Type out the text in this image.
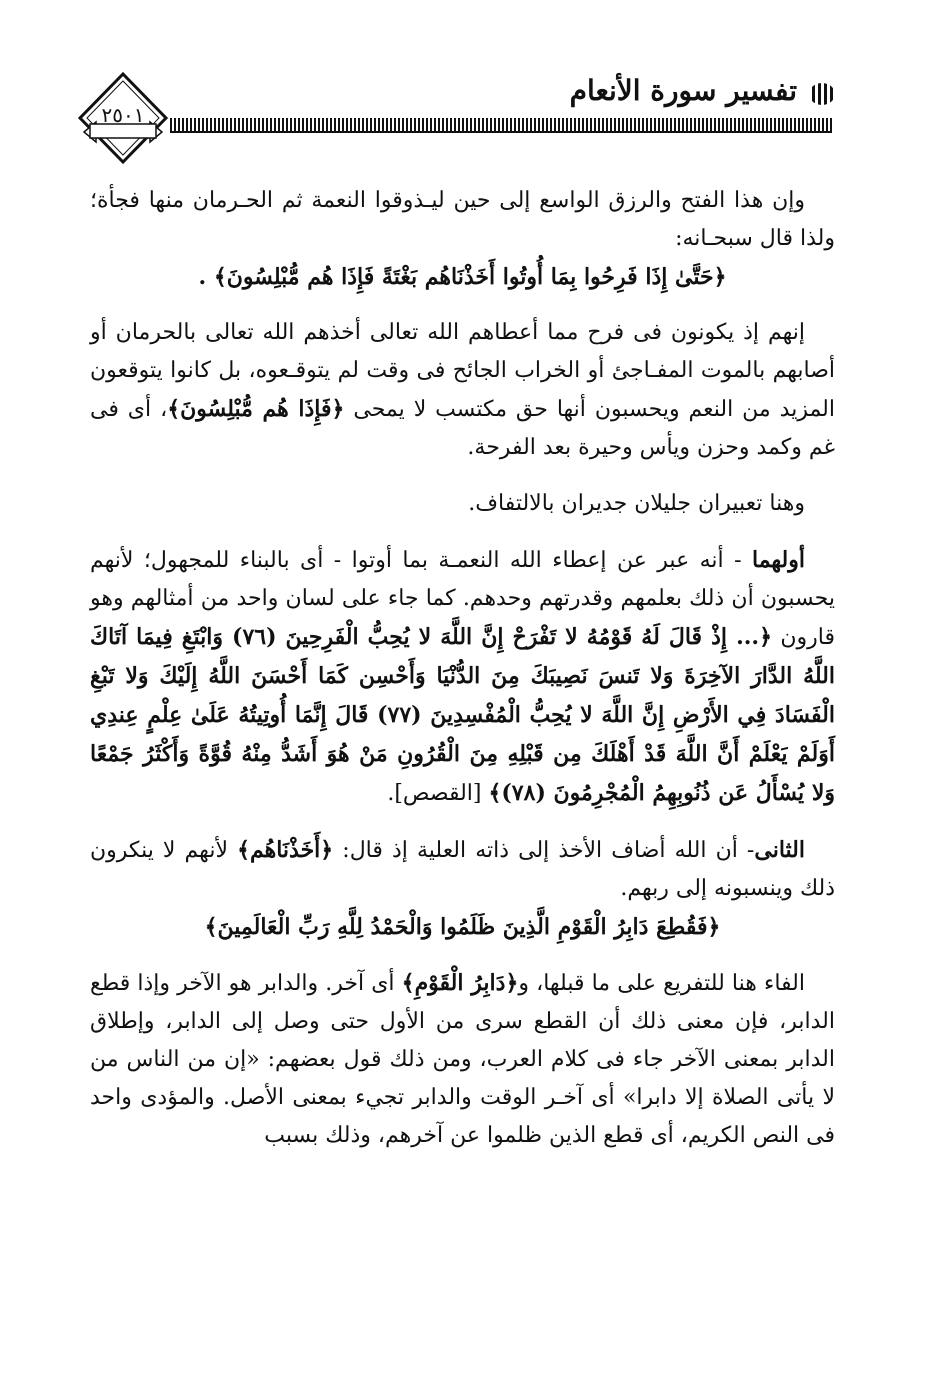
٢٥٠١
تفسير سورة الأنعام

وإن هذا الفتح والرزق الواسع إلى حين ليـذوقوا النعمة ثم الحـرمان منها فجأة؛ ولذا قال سبحـانه:

﴿حَتَّىٰ إِذَا فَرِحُوا بِمَا أُوتُوا أَخَذْنَاهُم بَغْتَةً فَإِذَا هُم مُّبْلِسُونَ﴾ .

إنهم إذ يكونون فى فرح مما أعطاهم الله تعالى أخذهم الله تعالى بالحرمان أو أصابهم بالموت المفـاجئ أو الخراب الجائح فى وقت لم يتوقـعوه، بل كانوا يتوقعون المزيد من النعم ويحسبون أنها حق مكتسب لا يمحى ﴿فَإِذَا هُم مُّبْلِسُونَ﴾، أى فى غم وكمد وحزن ويأس وحيرة بعد الفرحة.

وهنا تعبيران جليلان جديران بالالتفاف.

أولهما - أنه عبر عن إعطاء الله النعمـة بما أوتوا - أى بالبناء للمجهول؛ لأنهم يحسبون أن ذلك بعلمهم وقدرتهم وحدهم. كما جاء على لسان واحد من أمثالهم وهو قارون ﴿... إِذْ قَالَ لَهُ قَوْمُهُ لا تَفْرَحْ إِنَّ اللَّهَ لا يُحِبُّ الْفَرِحِينَ (٧٦) وَابْتَغِ فِيمَا آتَاكَ اللَّهُ الدَّارَ الآخِرَةَ وَلا تَنسَ نَصِيبَكَ مِنَ الدُّنْيَا وَأَحْسِن كَمَا أَحْسَنَ اللَّهُ إِلَيْكَ وَلا تَبْغِ الْفَسَادَ فِي الأَرْضِ إِنَّ اللَّهَ لا يُحِبُّ الْمُفْسِدِينَ (٧٧) قَالَ إِنَّمَا أُوتِيتُهُ عَلَىٰ عِلْمٍ عِندِي أَوَلَمْ يَعْلَمْ أَنَّ اللَّهَ قَدْ أَهْلَكَ مِن قَبْلِهِ مِنَ الْقُرُونِ مَنْ هُوَ أَشَدُّ مِنْهُ قُوَّةً وَأَكْثَرُ جَمْعًا وَلا يُسْأَلُ عَن ذُنُوبِهِمُ الْمُجْرِمُونَ (٧٨)﴾ [القصص].

الثانى- أن الله أضاف الأخذ إلى ذاته العلية إذ قال: ﴿أَخَذْنَاهُم﴾ لأنهم لا ينكرون ذلك وينسبونه إلى ربهم.

﴿فَقُطِعَ دَابِرُ الْقَوْمِ الَّذِينَ ظَلَمُوا وَالْحَمْدُ لِلَّهِ رَبِّ الْعَالَمِينَ﴾

الفاء هنا للتفريع على ما قبلها، و﴿دَابِرُ الْقَوْمِ﴾ أى آخر. والدابر هو الآخر وإذا قطع الدابر، فإن معنى ذلك أن القطع سرى من الأول حتى وصل إلى الدابر، وإطلاق الدابر بمعنى الآخر جاء فى كلام العرب، ومن ذلك قول بعضهم: «إن من الناس من لا يأتى الصلاة إلا دابرا» أى آخـر الوقت والدابر تجيء بمعنى الأصل. والمؤدى واحد فى النص الكريم، أى قطع الذين ظلموا عن آخرهم، وذلك بسبب
